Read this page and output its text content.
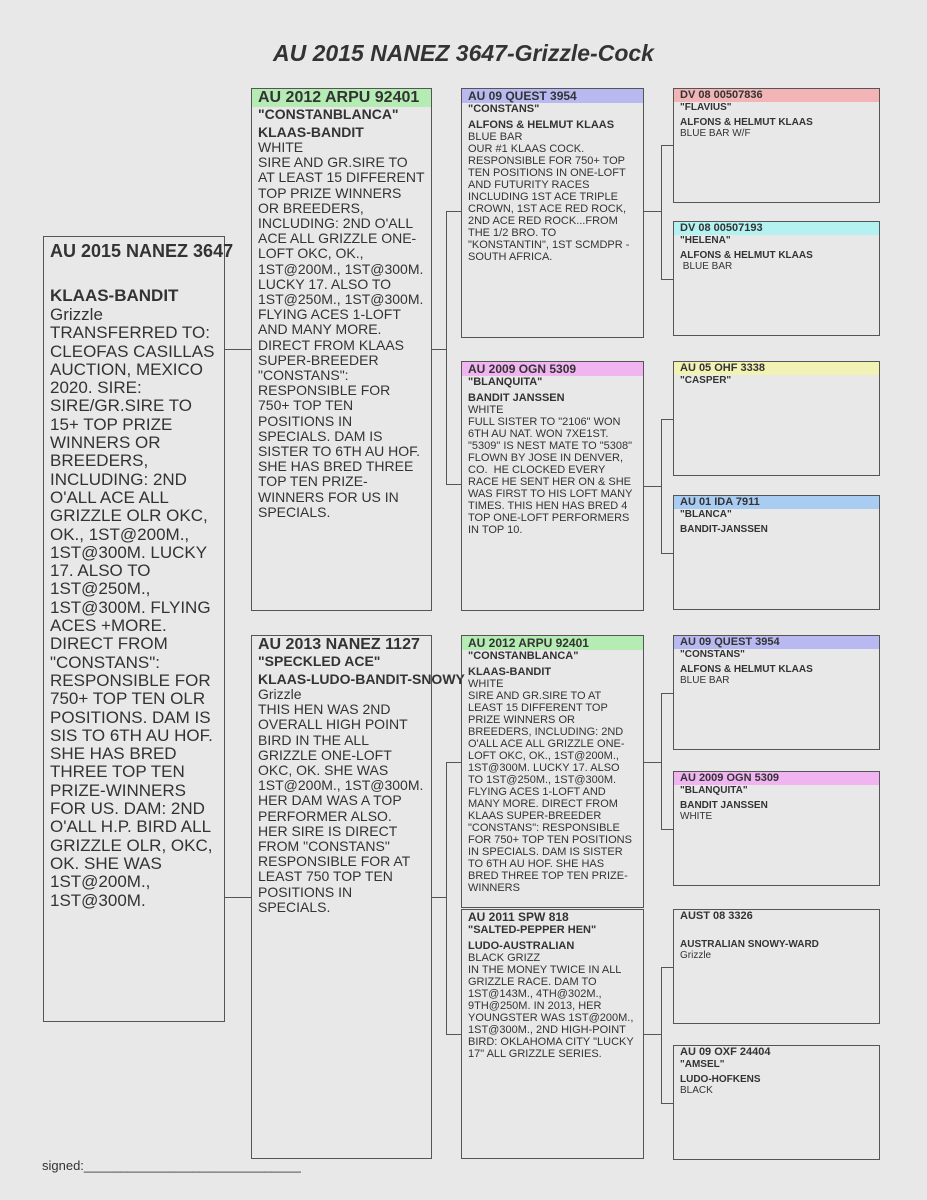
AU 2015 NANEZ 3647-Grizzle-Cock
AU 2015 NANEZ 3647
KLAAS-BANDIT
Grizzle
TRANSFERRED TO: CLEOFAS CASILLAS AUCTION, MEXICO 2020. SIRE: SIRE/GR.SIRE TO 15+ TOP PRIZE WINNERS OR BREEDERS, INCLUDING: 2ND O'ALL ACE ALL GRIZZLE OLR OKC, OK., 1ST@200M., 1ST@300M. LUCKY 17. ALSO TO 1ST@250M., 1ST@300M. FLYING ACES +MORE. DIRECT FROM "CONSTANS": RESPONSIBLE FOR 750+ TOP TEN OLR POSITIONS. DAM IS SIS TO 6TH AU HOF. SHE HAS BRED THREE TOP TEN PRIZE-WINNERS FOR US. DAM: 2ND O'ALL H.P. BIRD ALL GRIZZLE OLR, OKC, OK. SHE WAS 1ST@200M., 1ST@300M.
AU 2012 ARPU 92401
"CONSTANBLANCA"
KLAAS-BANDIT
WHITE
SIRE AND GR.SIRE TO AT LEAST 15 DIFFERENT TOP PRIZE WINNERS OR BREEDERS, INCLUDING: 2ND O'ALL ACE ALL GRIZZLE ONE-LOFT OKC, OK., 1ST@200M., 1ST@300M. LUCKY 17. ALSO TO 1ST@250M., 1ST@300M. FLYING ACES 1-LOFT AND MANY MORE. DIRECT FROM KLAAS SUPER-BREEDER "CONSTANS": RESPONSIBLE FOR 750+ TOP TEN POSITIONS IN SPECIALS. DAM IS SISTER TO 6TH AU HOF. SHE HAS BRED THREE TOP TEN PRIZE-WINNERS FOR US IN SPECIALS.
AU 2013 NANEZ 1127
"SPECKLED ACE"
KLAAS-LUDO-BANDIT-SNOWY
Grizzle
THIS HEN WAS 2ND OVERALL HIGH POINT BIRD IN THE ALL GRIZZLE ONE-LOFT OKC, OK. SHE WAS 1ST@200M., 1ST@300M. HER DAM WAS A TOP PERFORMER ALSO. HER SIRE IS DIRECT FROM "CONSTANS" RESPONSIBLE FOR AT LEAST 750 TOP TEN POSITIONS IN SPECIALS.
AU 09 QUEST 3954
"CONSTANS"
ALFONS & HELMUT KLAAS
BLUE BAR
OUR #1 KLAAS COCK. RESPONSIBLE FOR 750+ TOP TEN POSITIONS IN ONE-LOFT AND FUTURITY RACES INCLUDING 1ST ACE TRIPLE CROWN, 1ST ACE RED ROCK, 2ND ACE RED ROCK...FROM THE 1/2 BRO. TO "KONSTANTIN", 1ST SCMDPR - SOUTH AFRICA.
AU 2009 OGN 5309
"BLANQUITA"
BANDIT JANSSEN
WHITE
FULL SISTER TO "2106" WON 6TH AU NAT. WON 7XE1ST. "5309" IS NEST MATE TO "5308" FLOWN BY JOSE IN DENVER, CO.  HE CLOCKED EVERY RACE HE SENT HER ON & SHE WAS FIRST TO HIS LOFT MANY TIMES. THIS HEN HAS BRED 4 TOP ONE-LOFT PERFORMERS IN TOP 10.
AU 2012 ARPU 92401
"CONSTANBLANCA"
KLAAS-BANDIT
WHITE
SIRE AND GR.SIRE TO AT LEAST 15 DIFFERENT TOP PRIZE WINNERS OR BREEDERS, INCLUDING: 2ND O'ALL ACE ALL GRIZZLE ONE-LOFT OKC, OK., 1ST@200M., 1ST@300M. LUCKY 17. ALSO TO 1ST@250M., 1ST@300M. FLYING ACES 1-LOFT AND MANY MORE. DIRECT FROM KLAAS SUPER-BREEDER "CONSTANS": RESPONSIBLE FOR 750+ TOP TEN POSITIONS IN SPECIALS. DAM IS SISTER TO 6TH AU HOF. SHE HAS BRED THREE TOP TEN PRIZE-WINNERS
AU 2011 SPW 818
"SALTED-PEPPER HEN"
LUDO-AUSTRALIAN
BLACK GRIZZ
IN THE MONEY TWICE IN ALL GRIZZLE RACE. DAM TO 1ST@143M., 4TH@302M., 9TH@250M. IN 2013, HER YOUNGSTER WAS 1ST@200M., 1ST@300M., 2ND HIGH-POINT BIRD: OKLAHOMA CITY "LUCKY 17" ALL GRIZZLE SERIES.
DV 08 00507836
"FLAVIUS"
ALFONS & HELMUT KLAAS
BLUE BAR W/F
DV 08 00507193
"HELENA"
ALFONS & HELMUT KLAAS
BLUE BAR
AU 05 OHF 3338
"CASPER"
AU 01 IDA 7911
"BLANCA"
BANDIT-JANSSEN
AU 09 QUEST 3954
"CONSTANS"
ALFONS & HELMUT KLAAS
BLUE BAR
AU 2009 OGN 5309
"BLANQUITA"
BANDIT JANSSEN
WHITE
AUST 08 3326
AUSTRALIAN SNOWY-WARD
Grizzle
AU 09 OXF 24404
"AMSEL"
LUDO-HOFKENS
BLACK
signed:______________________________
